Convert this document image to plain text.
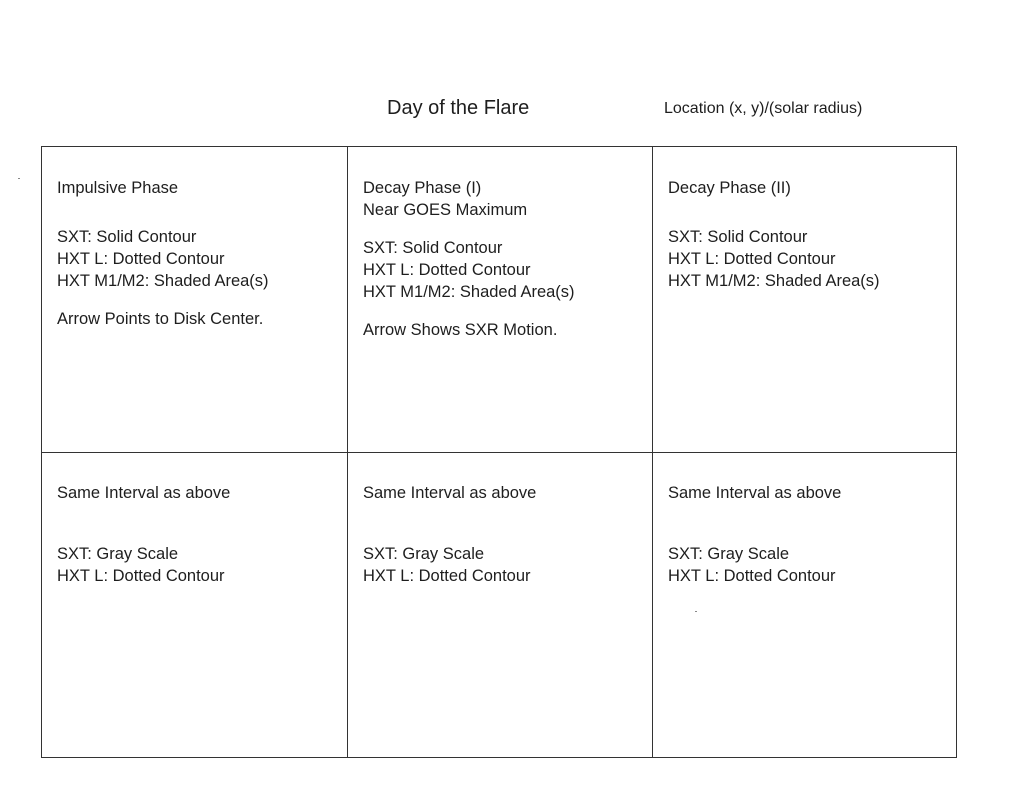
Day of the Flare	Location (x, y)/(solar radius)
Impulsive Phase
SXT: Solid Contour
HXT L: Dotted Contour
HXT M1/M2: Shaded Area(s)
Arrow Points to Disk Center.
Decay Phase (I)
Near GOES Maximum
SXT: Solid Contour
HXT L: Dotted Contour
HXT M1/M2: Shaded Area(s)
Arrow Shows SXR Motion.
Decay Phase (II)
SXT: Solid Contour
HXT L: Dotted Contour
HXT M1/M2: Shaded Area(s)
Same Interval as above
SXT: Gray Scale
HXT L: Dotted Contour
Same Interval as above
SXT: Gray Scale
HXT L: Dotted Contour
Same Interval as above
SXT: Gray Scale
HXT L: Dotted Contour
